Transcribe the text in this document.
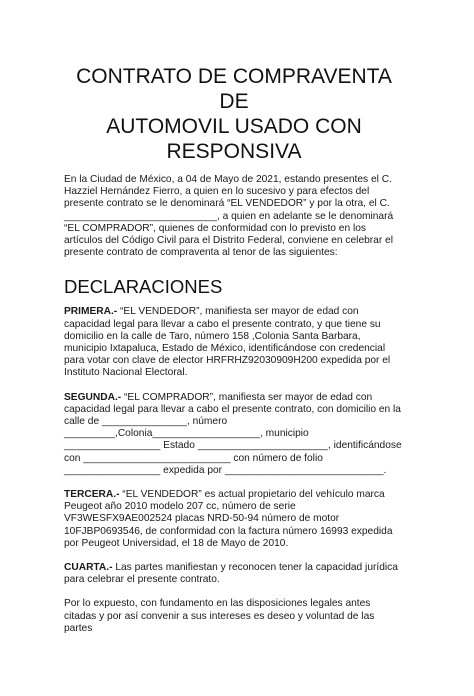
CONTRATO DE COMPRAVENTA DE
AUTOMOVIL USADO CON
RESPONSIVA

En la Ciudad de México, a 04 de Mayo de 2021, estando presentes el C. Hazziel Hernández Fierro, a quien en lo sucesivo y para efectos del presente contrato se le denominará “EL VENDEDOR” y por la otra, el C. ___________________________, a quien en adelante se le denominará “EL COMPRADOR”, quienes de conformidad con lo previsto en los artículos del Código Civil para el Distrito Federal, conviene en celebrar el presente contrato de compraventa al tenor de las siguientes:

DECLARACIONES

PRIMERA.- “EL VENDEDOR”, manifiesta ser mayor de edad con capacidad legal para llevar a cabo el presente contrato, y que tiene su domicilio en la calle de Taro, número 158 ,Colonia Santa Barbara, municipio Ixtapaluca, Estado de México, identificándose con credencial para votar con clave de elector HRFRHZ92030909H200 expedida por el Instituto Nacional Electoral.

SEGUNDA.- “EL COMPRADOR”, manifiesta ser mayor de edad con capacidad legal para llevar a cabo el presente contrato, con domicilio en la calle de _______________, número _________,Colonia___________________, municipio _________________ Estado _______________________, identificándose con __________________________ con número de folio _________________ expedida por ____________________________.

TERCERA.- “EL VENDEDOR” es actual propietario del vehículo marca Peugeot año 2010 modelo 207 cc, número de serie VF3WESFX9AE002524 placas NRD-50-94 número de motor 10FJBP0693546, de conformidad con la factura número 16993 expedida por Peugeot Universidad, el 18 de Mayo de 2010.

CUARTA.- Las partes manifiestan y reconocen tener la capacidad jurídica para celebrar el presente contrato.

Por lo expuesto, con fundamento en las disposiciones legales antes citadas y por así convenir a sus intereses es deseo y voluntad de las partes
